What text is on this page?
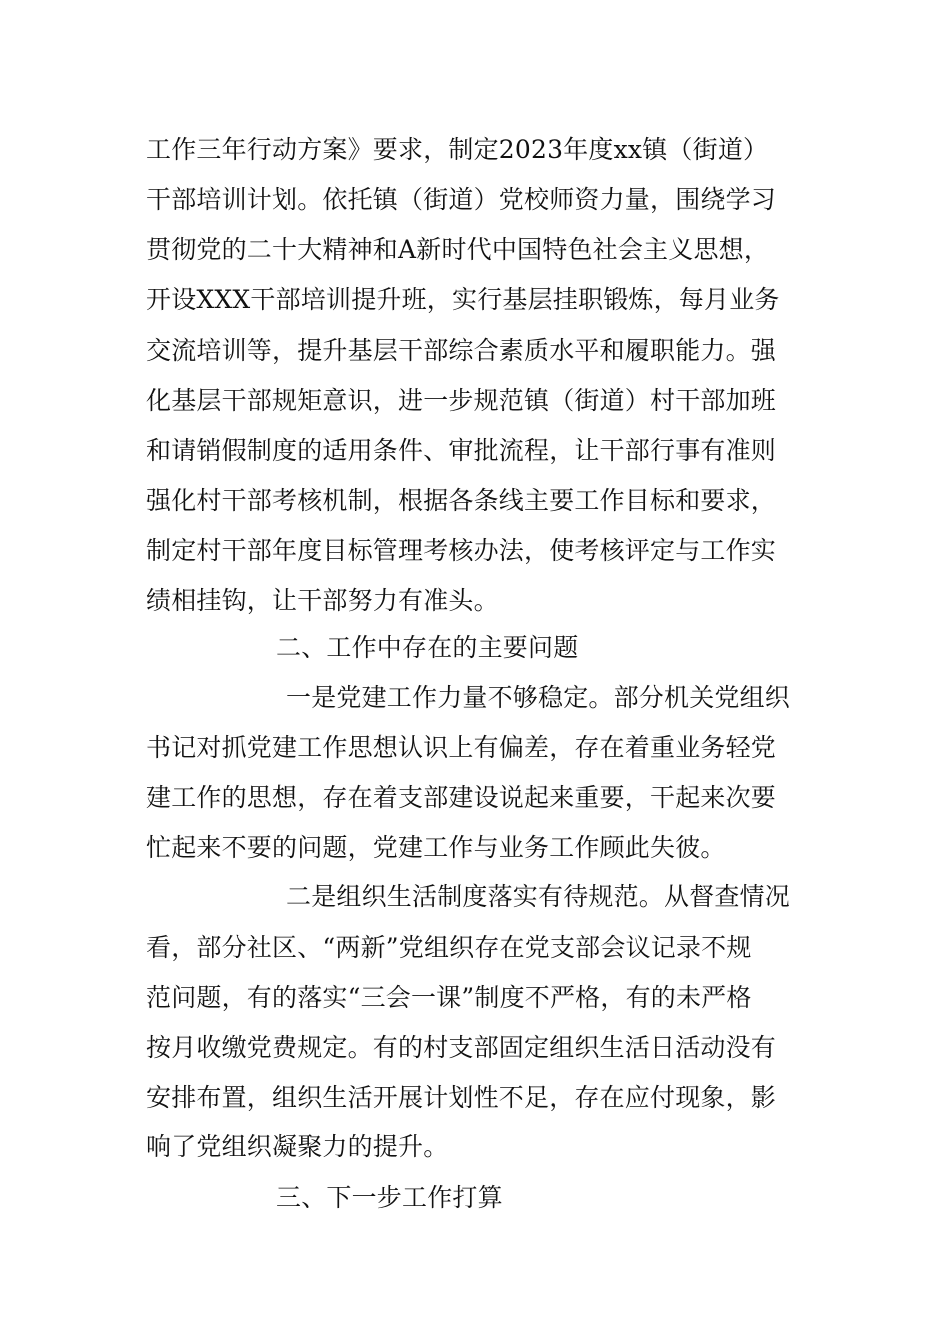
工作三年行动方案》要求，制定2023年度xx镇（街道）
干部培训计划。依托镇（街道）党校师资力量，围绕学习
贯彻党的二十大精神和A新时代中国特色社会主义思想，
开设XXX干部培训提升班，实行基层挂职锻炼，每月业务
交流培训等，提升基层干部综合素质水平和履职能力。强
化基层干部规矩意识，进一步规范镇（街道）村干部加班
和请销假制度的适用条件、审批流程，让干部行事有准则
强化村干部考核机制，根据各条线主要工作目标和要求，
制定村干部年度目标管理考核办法，使考核评定与工作实
绩相挂钩，让干部努力有准头。
二、工作中存在的主要问题
一是党建工作力量不够稳定。部分机关党组织
书记对抓党建工作思想认识上有偏差，存在着重业务轻党
建工作的思想，存在着支部建设说起来重要，干起来次要
忙起来不要的问题，党建工作与业务工作顾此失彼。
二是组织生活制度落实有待规范。从督查情况
看，部分社区、“两新”党组织存在党支部会议记录不规
范问题，有的落实“三会一课”制度不严格，有的未严格
按月收缴党费规定。有的村支部固定组织生活日活动没有
安排布置，组织生活开展计划性不足，存在应付现象，影
响了党组织凝聚力的提升。
三、下一步工作打算
